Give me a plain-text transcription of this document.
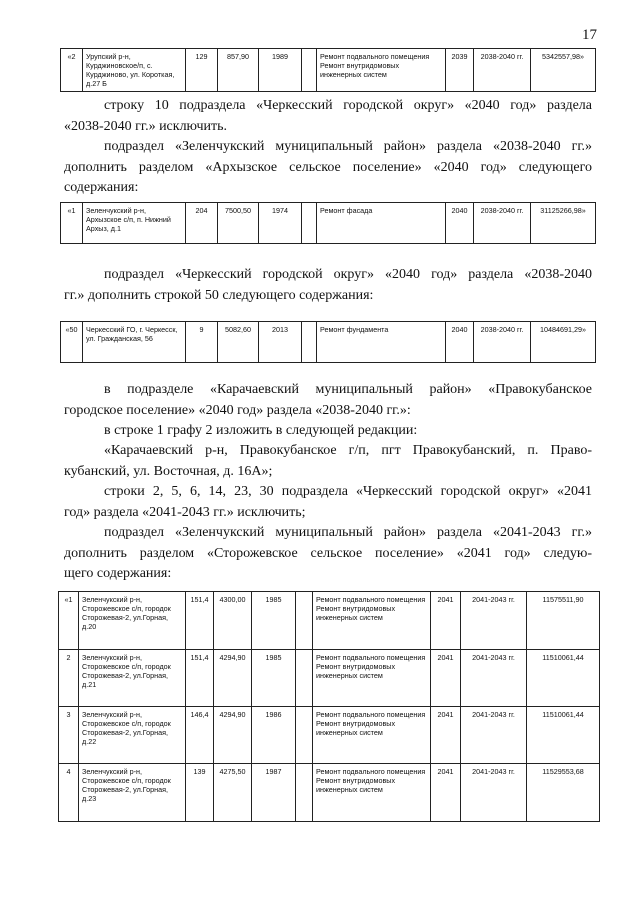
17
«2	Урупский р-н, Курджиновское/п, с. Курджиново, ул. Короткая, д.27 Б	129	857,90	1989		Ремонт подвального помещения Ремонт внутридомовых инженерных систем	2039	2038-2040 гг.	5342557,98»
строку 10 подраздела «Черкесский городской округ» «2040 год» раздела
«2038-2040 гг.» исключить.
подраздел «Зеленчукский муниципальный район» раздела «2038-2040 гг.»
дополнить разделом «Архызское сельское поселение» «2040 год» следующего
содержания:
«1	Зеленчукский р-н, Архызское с/п, п. Нижний Архыз, д.1	204	7500,50	1974		Ремонт фасада	2040	2038-2040 гг.	31125266,98»
подраздел «Черкесский городской округ» «2040 год» раздела «2038-2040
гг.» дополнить строкой 50 следующего содержания:
«50	Черкесский ГО, г. Черкесск, ул. Гражданская, 56	9	5082,60	2013		Ремонт фундамента	2040	2038-2040 гг.	10484691,29»
в подразделе «Карачаевский муниципальный район» «Правокубанское
городское поселение» «2040 год» раздела «2038-2040 гг.»:
в строке 1 графу 2 изложить в следующей редакции:
«Карачаевский р-н, Правокубанское г/п, пгт Правокубанский, п. Право-
кубанский, ул. Восточная, д. 16А»;
строки 2, 5, 6, 14, 23, 30 подраздела «Черкесский городской округ» «2041
год» раздела «2041-2043 гг.» исключить;
подраздел «Зеленчукский муниципальный район» раздела «2041-2043 гг.»
дополнить разделом «Сторожевское сельское поселение» «2041 год» следую-
щего содержания:
«1	Зеленчукский р-н, Сторожевское с/п, городок Сторожевая-2, ул.Горная, д.20	151,4	4300,00	1985		Ремонт подвального помещения Ремонт внутридомовых инженерных систем	2041	2041-2043 гг.	11575511,90
2	Зеленчукский р-н, Сторожевское с/п, городок Сторожевая-2, ул.Горная, д.21	151,4	4294,90	1985		Ремонт подвального помещения Ремонт внутридомовых инженерных систем	2041	2041-2043 гг.	11510061,44
3	Зеленчукский р-н, Сторожевское с/п, городок Сторожевая-2, ул.Горная, д.22	146,4	4294,90	1986		Ремонт подвального помещения Ремонт внутридомовых инженерных систем	2041	2041-2043 гг.	11510061,44
4	Зеленчукский р-н, Сторожевское с/п, городок Сторожевая-2, ул.Горная, д.23	139	4275,50	1987		Ремонт подвального помещения Ремонт внутридомовых инженерных систем	2041	2041-2043 гг.	11529553,68
